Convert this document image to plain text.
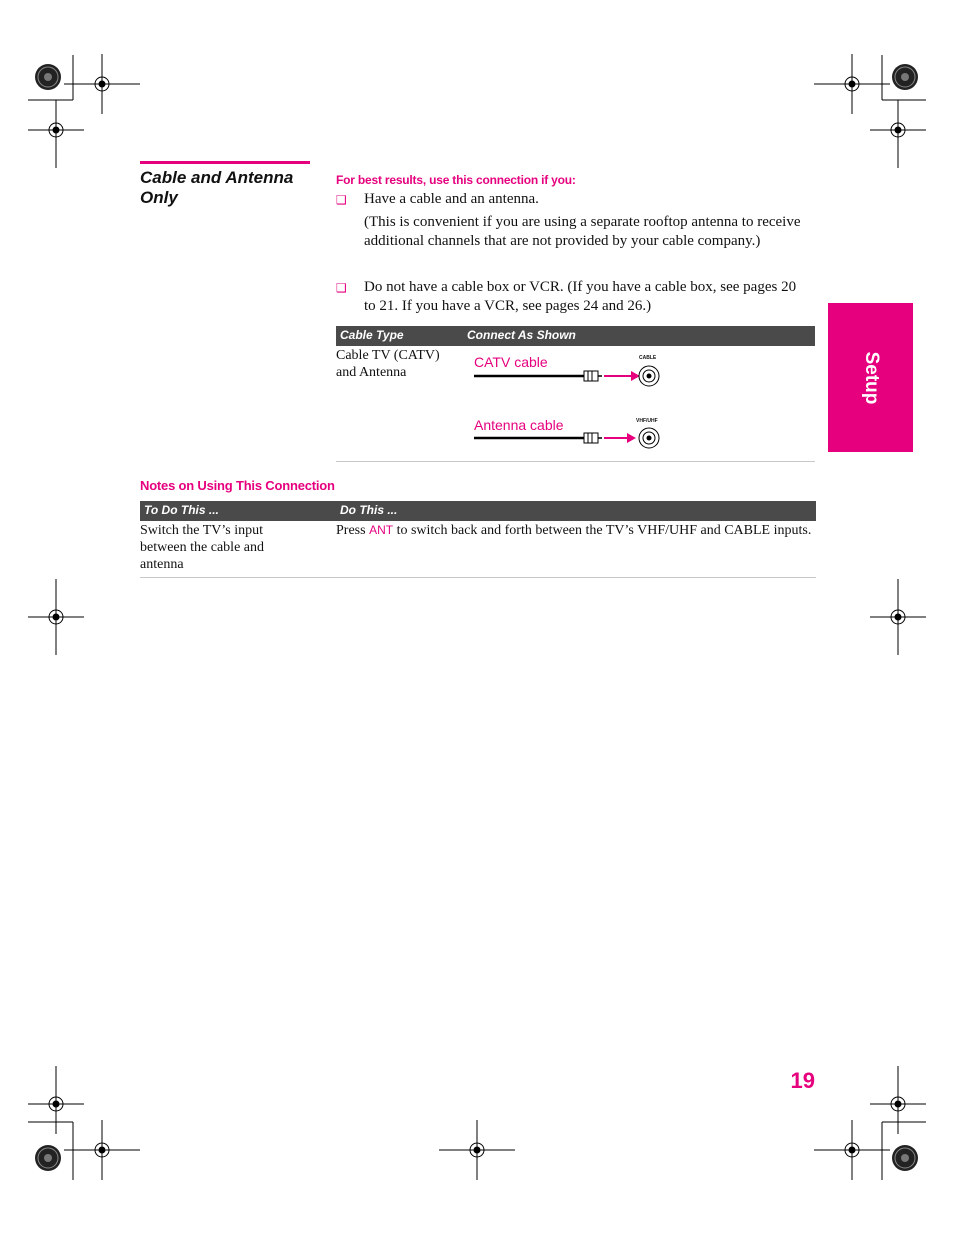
Cable and Antenna Only
For best results, use this connection if you:
❑ Have a cable and an antenna.
(This is convenient if you are using a separate rooftop antenna to receive additional channels that are not provided by your cable company.)
❑ Do not have a cable box or VCR. (If you have a cable box, see pages 20 to 21. If you have a VCR, see pages 24 and 26.)
Cable Type	Connect As Shown
Cable TV (CATV) and Antenna
CATV cable
Antenna cable
CABLE
VHF/UHF
Notes on Using This Connection
To Do This ...	Do This ...
Switch the TV’s input between the cable and antenna
Press ANT to switch back and forth between the TV’s VHF/UHF and CABLE inputs.
Setup
19
